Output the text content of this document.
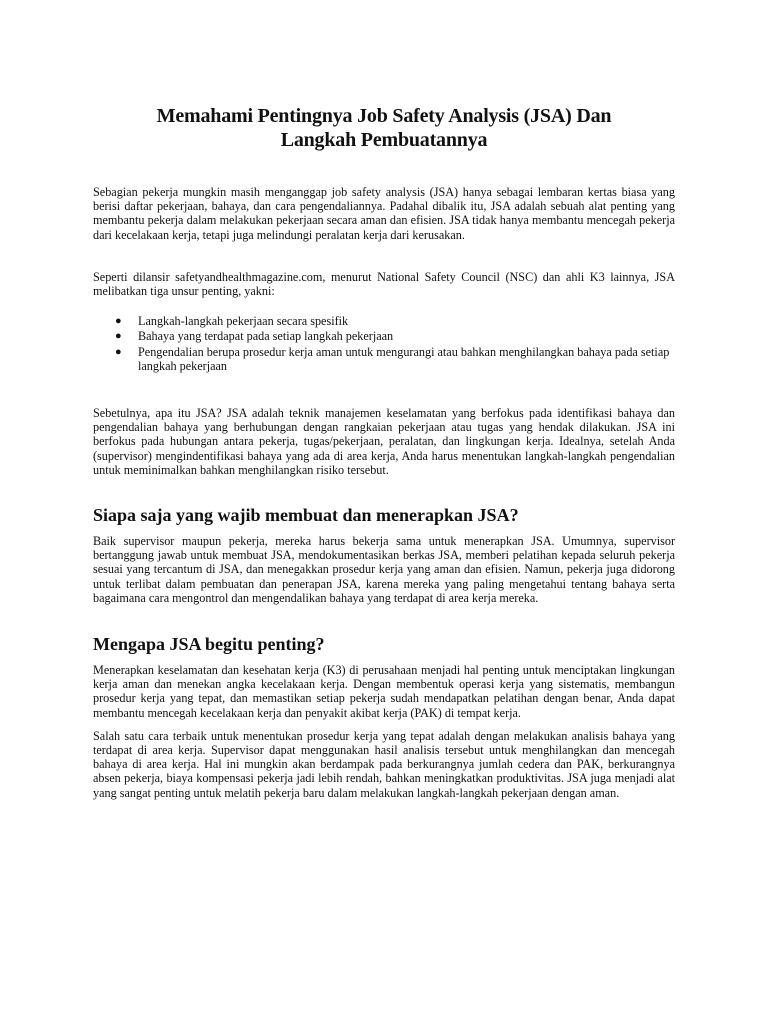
Memahami Pentingnya Job Safety Analysis (JSA) Dan
Langkah Pembuatannya

Sebagian pekerja mungkin masih menganggap job safety analysis (JSA) hanya sebagai lembaran kertas biasa yang berisi daftar pekerjaan, bahaya, dan cara pengendaliannya. Padahal dibalik itu, JSA adalah sebuah alat penting yang membantu pekerja dalam melakukan pekerjaan secara aman dan efisien. JSA tidak hanya membantu mencegah pekerja dari kecelakaan kerja, tetapi juga melindungi peralatan kerja dari kerusakan.

Seperti dilansir safetyandhealthmagazine.com, menurut National Safety Council (NSC) dan ahli K3 lainnya, JSA melibatkan tiga unsur penting, yakni:

● Langkah-langkah pekerjaan secara spesifik
● Bahaya yang terdapat pada setiap langkah pekerjaan
● Pengendalian berupa prosedur kerja aman untuk mengurangi atau bahkan menghilangkan bahaya pada setiap langkah pekerjaan

Sebetulnya, apa itu JSA? JSA adalah teknik manajemen keselamatan yang berfokus pada identifikasi bahaya dan pengendalian bahaya yang berhubungan dengan rangkaian pekerjaan atau tugas yang hendak dilakukan. JSA ini berfokus pada hubungan antara pekerja, tugas/pekerjaan, peralatan, dan lingkungan kerja. Idealnya, setelah Anda (supervisor) mengindentifikasi bahaya yang ada di area kerja, Anda harus menentukan langkah-langkah pengendalian untuk meminimalkan bahkan menghilangkan risiko tersebut.

Siapa saja yang wajib membuat dan menerapkan JSA?

Baik supervisor maupun pekerja, mereka harus bekerja sama untuk menerapkan JSA. Umumnya, supervisor bertanggung jawab untuk membuat JSA, mendokumentasikan berkas JSA, memberi pelatihan kepada seluruh pekerja sesuai yang tercantum di JSA, dan menegakkan prosedur kerja yang aman dan efisien. Namun, pekerja juga didorong untuk terlibat dalam pembuatan dan penerapan JSA, karena mereka yang paling mengetahui tentang bahaya serta bagaimana cara mengontrol dan mengendalikan bahaya yang terdapat di area kerja mereka.

Mengapa JSA begitu penting?

Menerapkan keselamatan dan kesehatan kerja (K3) di perusahaan menjadi hal penting untuk menciptakan lingkungan kerja aman dan menekan angka kecelakaan kerja. Dengan membentuk operasi kerja yang sistematis, membangun prosedur kerja yang tepat, dan memastikan setiap pekerja sudah mendapatkan pelatihan dengan benar, Anda dapat membantu mencegah kecelakaan kerja dan penyakit akibat kerja (PAK) di tempat kerja.

Salah satu cara terbaik untuk menentukan prosedur kerja yang tepat adalah dengan melakukan analisis bahaya yang terdapat di area kerja. Supervisor dapat menggunakan hasil analisis tersebut untuk menghilangkan dan mencegah bahaya di area kerja. Hal ini mungkin akan berdampak pada berkurangnya jumlah cedera dan PAK, berkurangnya absen pekerja, biaya kompensasi pekerja jadi lebih rendah, bahkan meningkatkan produktivitas. JSA juga menjadi alat yang sangat penting untuk melatih pekerja baru dalam melakukan langkah-langkah pekerjaan dengan aman.
